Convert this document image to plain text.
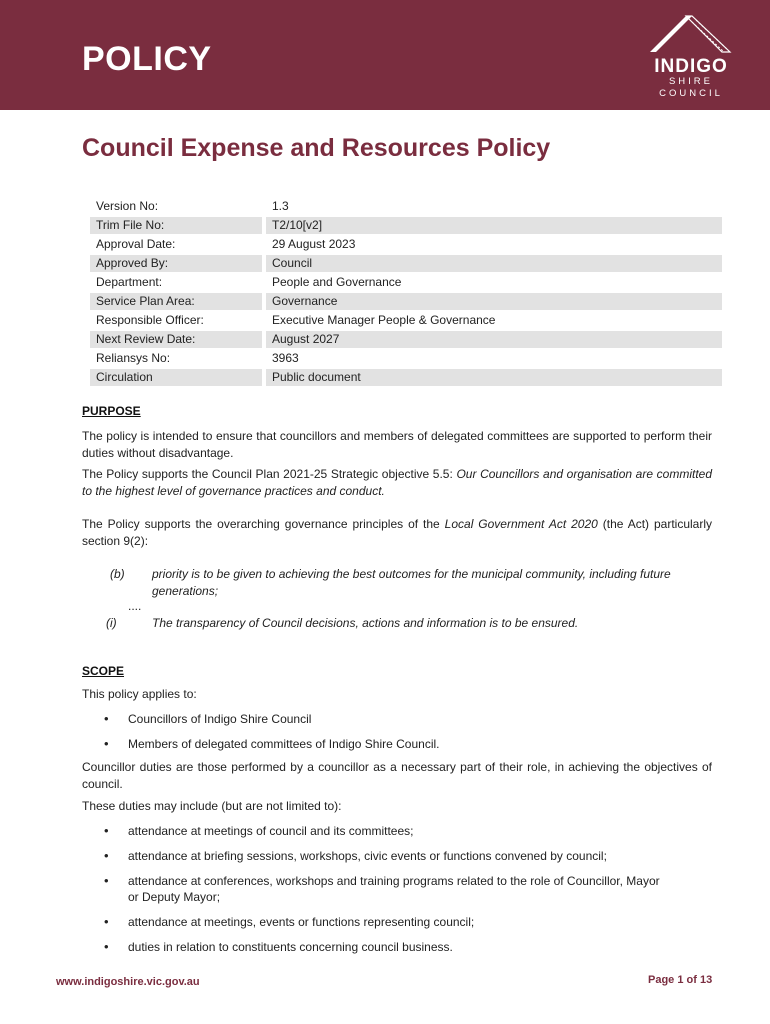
POLICY	INDIGO
SHIRE
COUNCIL
Council Expense and Resources Policy
Version No:	1.3
Trim File No:	T2/10[v2]
Approval Date:	29 August 2023
Approved By:	Council
Department:	People and Governance
Service Plan Area:	Governance
Responsible Officer:	Executive Manager People & Governance
Next Review Date:	August 2027
Reliansys No:	3963
Circulation	Public document
PURPOSE
The policy is intended to ensure that councillors and members of delegated committees are supported to perform their duties without disadvantage.
The Policy supports the Council Plan 2021-25 Strategic objective 5.5: Our Councillors and organisation are committed to the highest level of governance practices and conduct.
The Policy supports the overarching governance principles of the Local Government Act 2020 (the Act) particularly section 9(2):
(b) priority is to be given to achieving the best outcomes for the municipal community, including future generations;
....
(i)	The transparency of Council decisions, actions and information is to be ensured.
SCOPE
This policy applies to:
• Councillors of Indigo Shire Council
• Members of delegated committees of Indigo Shire Council.
Councillor duties are those performed by a councillor as a necessary part of their role, in achieving the objectives of council.
These duties may include (but are not limited to):
• attendance at meetings of council and its committees;
• attendance at briefing sessions, workshops, civic events or functions convened by council;
• attendance at conferences, workshops and training programs related to the role of Councillor, Mayor or Deputy Mayor;
• attendance at meetings, events or functions representing council;
• duties in relation to constituents concerning council business.
www.indigoshire.vic.gov.au	Page 1 of 13
